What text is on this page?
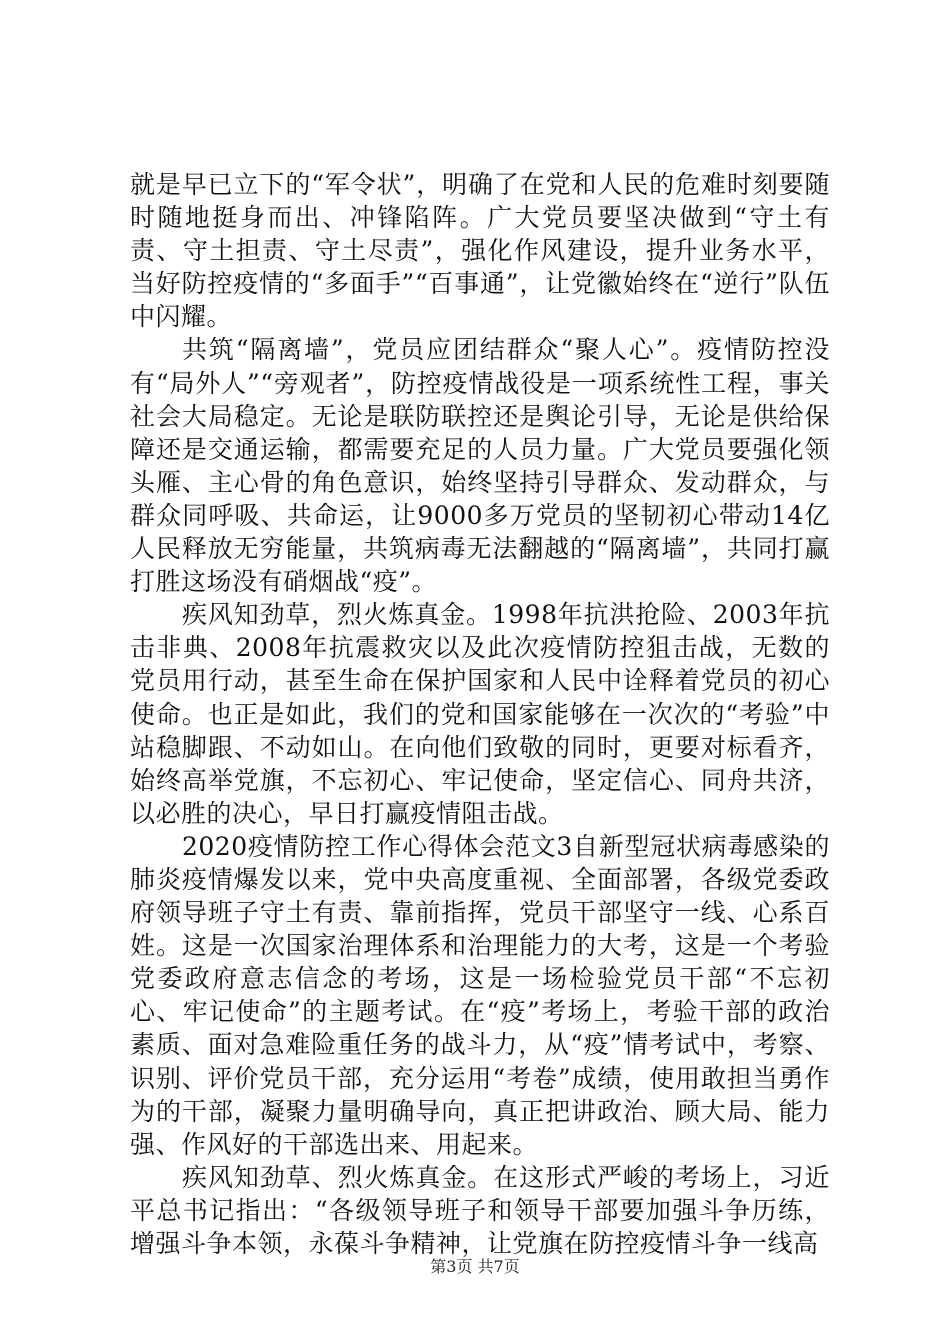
就是早已立下的“军令状”，明确了在党和人民的危难时刻要随时随地挺身而出、冲锋陷阵。广大党员要坚决做到“守土有责、守土担责、守土尽责”，强化作风建设，提升业务水平，当好防控疫情的“多面手”“百事通”，让党徽始终在“逆行”队伍中闪耀。

共筑“隔离墙”，党员应团结群众“聚人心”。疫情防控没有“局外人”“旁观者”，防控疫情战役是一项系统性工程，事关社会大局稳定。无论是联防联控还是舆论引导，无论是供给保障还是交通运输，都需要充足的人员力量。广大党员要强化领头雁、主心骨的角色意识，始终坚持引导群众、发动群众，与群众同呼吸、共命运，让9000多万党员的坚韧初心带动14亿人民释放无穷能量，共筑病毒无法翻越的“隔离墙”，共同打赢打胜这场没有硝烟战“疫”。

疾风知劲草，烈火炼真金。1998年抗洪抢险、2003年抗击非典、2008年抗震救灾以及此次疫情防控狙击战，无数的党员用行动，甚至生命在保护国家和人民中诠释着党员的初心使命。也正是如此，我们的党和国家能够在一次次的“考验”中站稳脚跟、不动如山。在向他们致敬的同时，更要对标看齐，始终高举党旗，不忘初心、牢记使命，坚定信心、同舟共济，以必胜的决心，早日打赢疫情阻击战。

2020疫情防控工作心得体会范文3自新型冠状病毒感染的肺炎疫情爆发以来，党中央高度重视、全面部署，各级党委政府领导班子守土有责、靠前指挥，党员干部坚守一线、心系百姓。这是一次国家治理体系和治理能力的大考，这是一个考验党委政府意志信念的考场，这是一场检验党员干部“不忘初心、牢记使命”的主题考试。在“疫”考场上，考验干部的政治素质、面对急难险重任务的战斗力，从“疫”情考试中，考察、识别、评价党员干部，充分运用“考卷”成绩，使用敢担当勇作为的干部，凝聚力量明确导向，真正把讲政治、顾大局、能力强、作风好的干部选出来、用起来。

疾风知劲草、烈火炼真金。在这形式严峻的考场上，习近平总书记指出：“各级领导班子和领导干部要加强斗争历练，增强斗争本领，永葆斗争精神，让党旗在防控疫情斗争一线高

第3页 共7页
